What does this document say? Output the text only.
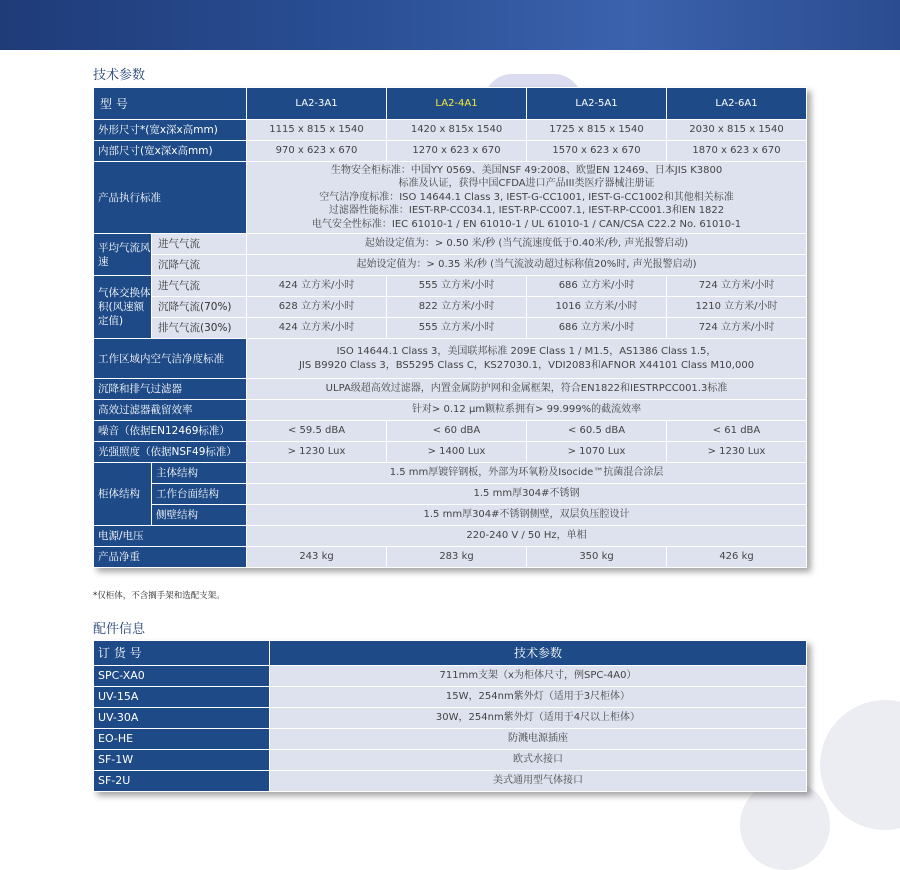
技术参数
型 号		LA2-3A1	LA2-4A1	LA2-5A1	LA2-6A1
外形尺寸*(宽x深x高mm)		1115 x 815 x 1540	1420 x 815x 1540	1725 x 815 x 1540	2030 x 815 x 1540
内部尺寸(宽x深x高mm)		970 x 623 x 670	1270 x 623 x 670	1570 x 623 x 670	1870 x 623 x 670
产品执行标准		生物安全柜标准：中国YY 0569、美国NSF 49:2008、欧盟EN 12469、日本JIS K3800
标准及认证，获得中国CFDA进口产品III类医疗器械注册证
空气洁净度标准：ISO 14644.1 Class 3, IEST-G-CC1001, IEST-G-CC1002和其他相关标准
过滤器性能标准：IEST-RP-CC034.1, IEST-RP-CC007.1, IEST-RP-CC001.3和EN 1822
电气安全性标准：IEC 61010-1 / EN 61010-1 / UL 61010-1 / CAN/CSA C22.2 No. 61010-1			

平均气流风速	进气气流	起始设定值为：> 0.50 米/秒 (当气流速度低于0.40米/秒, 声光报警启动)			
	沉降气流	起始设定值为：> 0.35 米/秒 (当气流波动超过标称值20%时, 声光报警启动)			
气体交换体积(风速额定值)	进气气流	424 立方米/小时	555 立方米/小时	686 立方米/小时	724 立方米/小时
	沉降气流(70%)	628 立方米/小时	822 立方米/小时	1016 立方米/小时	1210 立方米/小时
	排气气流(30%)	424 立方米/小时	555 立方米/小时	686 立方米/小时	724 立方米/小时
工作区域内空气洁净度标准		ISO 14644.1 Class 3，美国联邦标准 209E Class 1 / M1.5，AS1386 Class 1.5，
JIS B9920 Class 3，BS5295 Class C，KS27030.1，VDI2083和AFNOR X44101 Class M10,000			

沉降和排气过滤器		ULPA级超高效过滤器，内置金属防护网和金属框架，符合EN1822和IESTRPCC001.3标准			
高效过滤器截留效率		针对> 0.12 μm颗粒系拥有> 99.999%的截流效率			
噪音（依据EN12469标准）		< 59.5 dBA	< 60 dBA	< 60.5 dBA	< 61 dBA
光强照度（依据NSF49标准）		> 1230 Lux	> 1400 Lux	> 1070 Lux	> 1230 Lux
柜体结构	主体结构	1.5 mm厚镀锌钢板，外部为环氧粉及Isocide™抗菌混合涂层			
	工作台面结构	1.5 mm厚304#不锈钢			
	侧壁结构	1.5 mm厚304#不锈钢侧壁，双层负压腔设计			
电源/电压		220-240 V / 50 Hz，单相			
产品净重		243 kg	283 kg	350 kg	426 kg
*仅柜体，不含搁手架和选配支架。
配件信息
订 货 号	技术参数
SPC-XA0	711mm支架（x为柜体尺寸，例SPC-4A0）
UV-15A	15W，254nm紫外灯（适用于3尺柜体）
UV-30A	30W，254nm紫外灯（适用于4尺以上柜体）
EO-HE	防溅电源插座
SF-1W	欧式水接口
SF-2U	美式通用型气体接口
